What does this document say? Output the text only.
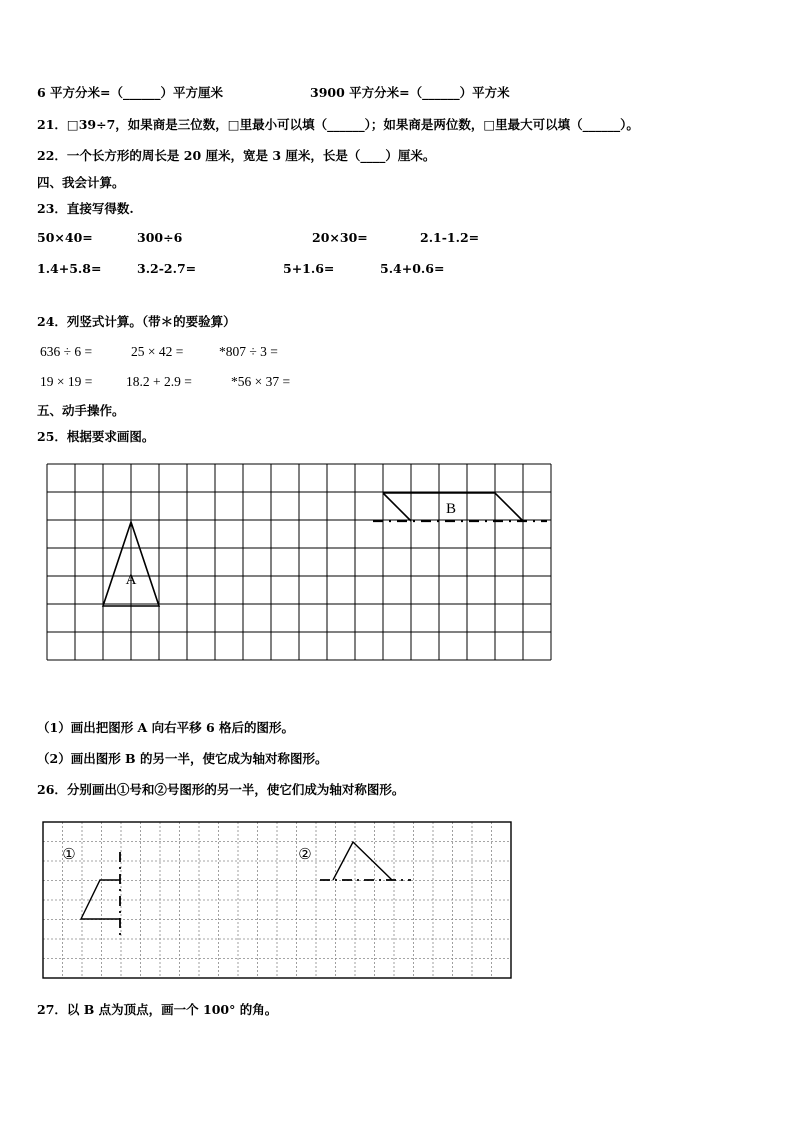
6 平方分米=（______）平方厘米	3900 平方分米=（______）平方米
21．□39÷7，如果商是三位数，□里最小可以填（______）；如果商是两位数，□里最大可以填（______）。
22．一个长方形的周长是 20 厘米，宽是 3 厘米，长是（____）厘米。
四、我会计算。
23．直接写得数.
50×40=	300÷6	20×30=	2.1-1.2=
1.4+5.8=	3.2-2.7=	5+1.6=	5.4+0.6=
24．列竖式计算。（带＊的要验算）
636 ÷ 6 =	25 × 42 =	*807 ÷ 3 =
19 × 19 = 18.2 + 2.9 =	*56 × 37 =
五、动手操作。
25．根据要求画图。
A
B
（1）画出把图形 A 向右平移 6 格后的图形。
（2）画出图形 B 的另一半，使它成为轴对称图形。
26．分别画出①号和②号图形的另一半，使它们成为轴对称图形。
①	②
27．以 B 点为顶点，画一个 100° 的角。
